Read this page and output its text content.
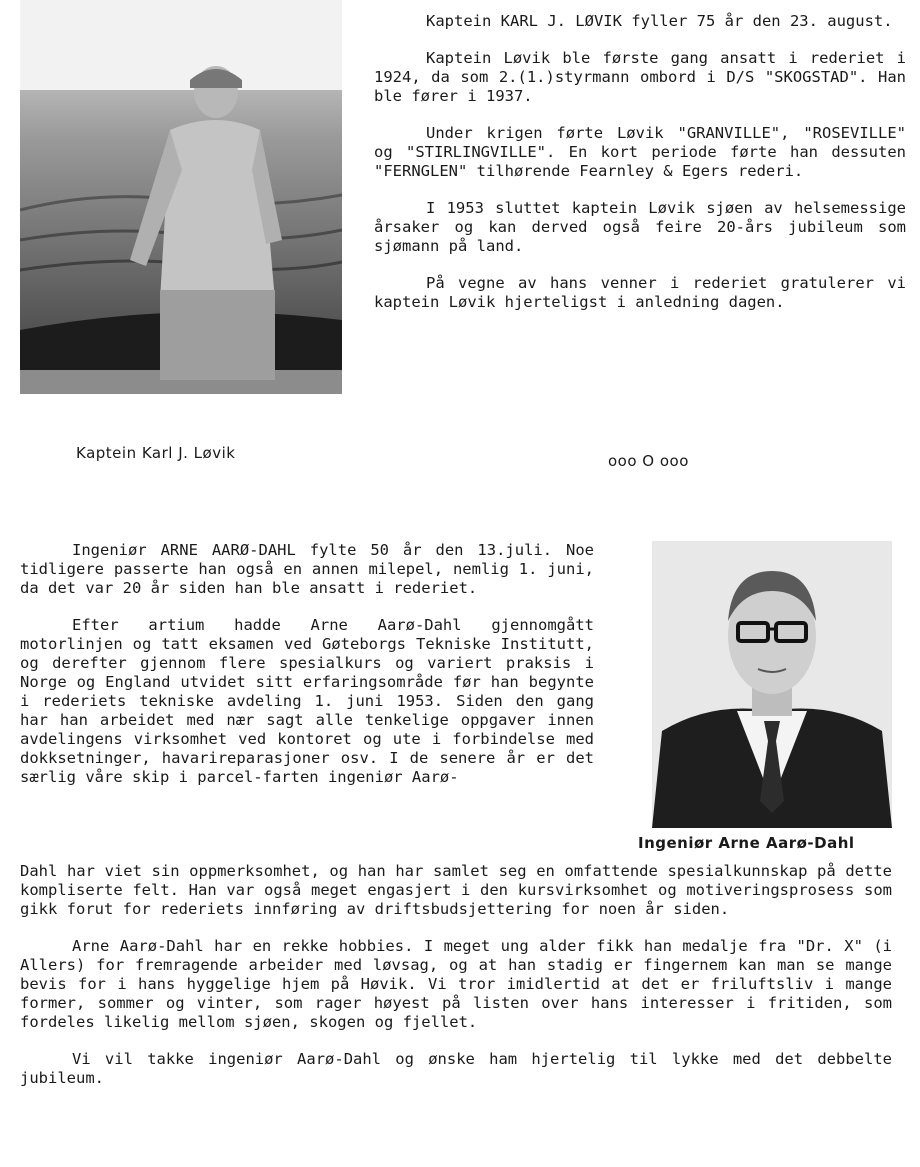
Kaptein KARL J. LØVIK fyller 75 år den 23. august.

Kaptein Løvik ble første gang ansatt i rederiet i 1924, da som 2.(1.)styrmann ombord i D/S "SKOGSTAD". Han ble fører i 1937.

Under krigen førte Løvik "GRANVILLE", "ROSEVILLE" og "STIRLINGVILLE". En kort periode førte han dessuten "FERNGLEN" tilhørende Fearnley & Egers rederi.

I 1953 sluttet kaptein Løvik sjøen av helsemessige årsaker og kan derved også feire 20-års jubileum som sjømann på land.

På vegne av hans venner i rederiet gratulerer vi kaptein Løvik hjerteligst i anledning dagen.

Kaptein Karl J. Løvik	ooo O ooo
Ingeniør Arne Aarø-Dahl

Ingeniør ARNE AARØ-DAHL fylte 50 år den 13.juli. Noe tidligere passerte han også en annen milepel, nemlig 1. juni, da det var 20 år siden han ble ansatt i rederiet.

Efter artium hadde Arne Aarø-Dahl gjennomgått motorlinjen og tatt eksamen ved Gøteborgs Tekniske Institutt, og derefter gjennom flere spesialkurs og variert praksis i Norge og England utvidet sitt erfaringsområde før han begynte i rederiets tekniske avdeling 1. juni 1953. Siden den gang har han arbeidet med nær sagt alle tenkelige oppgaver innen avdelingens virksomhet ved kontoret og ute i forbindelse med dokksetninger, havarireparasjoner osv. I de senere år er det særlig våre skip i parcel-farten ingeniør Aarø-

Dahl har viet sin oppmerksomhet, og han har samlet seg en omfattende spesialkunnskap på dette kompliserte felt. Han var også meget engasjert i den kursvirksomhet og motiveringsprosess som gikk forut for rederiets innføring av driftsbudsjettering for noen år siden.

Arne Aarø-Dahl har en rekke hobbies. I meget ung alder fikk han medalje fra "Dr. X" (i Allers) for fremragende arbeider med løvsag, og at han stadig er fingernem kan man se mange bevis for i hans hyggelige hjem på Høvik. Vi tror imidlertid at det er friluftsliv i mange former, sommer og vinter, som rager høyest på listen over hans interesser i fritiden, som fordeles likelig mellom sjøen, skogen og fjellet.

Vi vil takke ingeniør Aarø-Dahl og ønske ham hjertelig til lykke med det debbelte jubileum.
